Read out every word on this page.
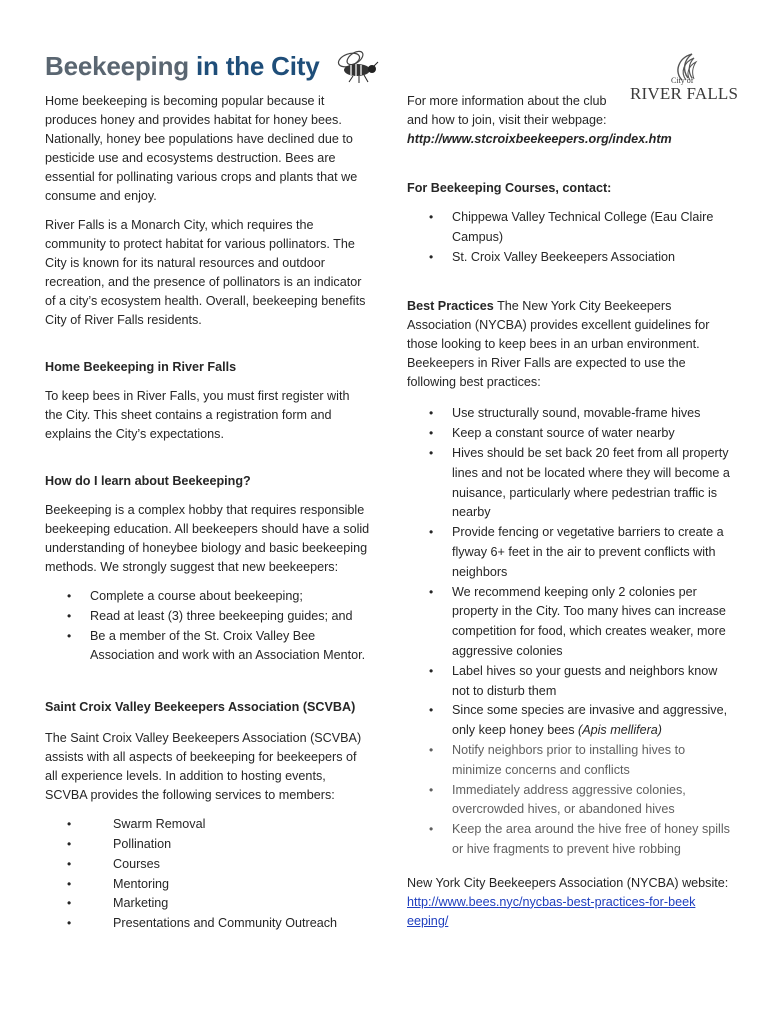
Beekeeping in the City	City of
RIVER FALLS

Home beekeeping is becoming popular because it produces honey and provides habitat for honey bees. Nationally, honey bee populations have declined due to pesticide use and ecosystems destruction. Bees are essential for pollinating various crops and plants that we consume and enjoy.

River Falls is a Monarch City, which requires the community to protect habitat for various pollinators. The City is known for its natural resources and outdoor recreation, and the presence of pollinators is an indicator of a city’s ecosystem health. Overall, beekeeping benefits City of River Falls residents.

Home Beekeeping in River Falls

To keep bees in River Falls, you must first register with the City. This sheet contains a registration form and explains the City’s expectations.

How do I learn about Beekeeping?

Beekeeping is a complex hobby that requires responsible beekeeping education. All beekeepers should have a solid understanding of honeybee biology and basic beekeeping methods. We strongly suggest that new beekeepers:

• Complete a course about beekeeping;
• Read at least (3) three beekeeping guides; and
• Be a member of the St. Croix Valley Bee Association and work with an Association Mentor.

Saint Croix Valley Beekeepers Association (SCVBA)

The Saint Croix Valley Beekeepers Association (SCVBA) assists with all aspects of beekeeping for beekeepers of all experience levels. In addition to hosting events, SCVBA provides the following services to members:

•	Swarm Removal
•	Pollination
•	Courses
•	Mentoring
•	Marketing
•	Presentations and Community Outreach

For more information about the club and how to join, visit their webpage:

http://www.stcroixbeekeepers.org/index.htm

For Beekeeping Courses, contact:

• Chippewa Valley Technical College (Eau Claire Campus)
• St. Croix Valley Beekeepers Association

Best Practices The New York City Beekeepers Association (NYCBA) provides excellent guidelines for those looking to keep bees in an urban environment. Beekeepers in River Falls are expected to use the following best practices:

• Use structurally sound, movable-frame hives
• Keep a constant source of water nearby
• Hives should be set back 20 feet from all property lines and not be located where they will become a nuisance, particularly where pedestrian traffic is nearby
• Provide fencing or vegetative barriers to create a flyway 6+ feet in the air to prevent conflicts with neighbors
• We recommend keeping only 2 colonies per property in the City. Too many hives can increase competition for food, which creates weaker, more aggressive colonies
• Label hives so your guests and neighbors know not to disturb them
• Since some species are invasive and aggressive, only keep honey bees (Apis mellifera)
• Notify neighbors prior to installing hives to minimize concerns and conflicts
• Immediately address aggressive colonies, overcrowded hives, or abandoned hives
• Keep the area around the hive free of honey spills or hive fragments to prevent hive robbing

New York City Beekeepers Association (NYCBA) website:

http://www.bees.nyc/nycbas-best-practices-for-beekeeping/
